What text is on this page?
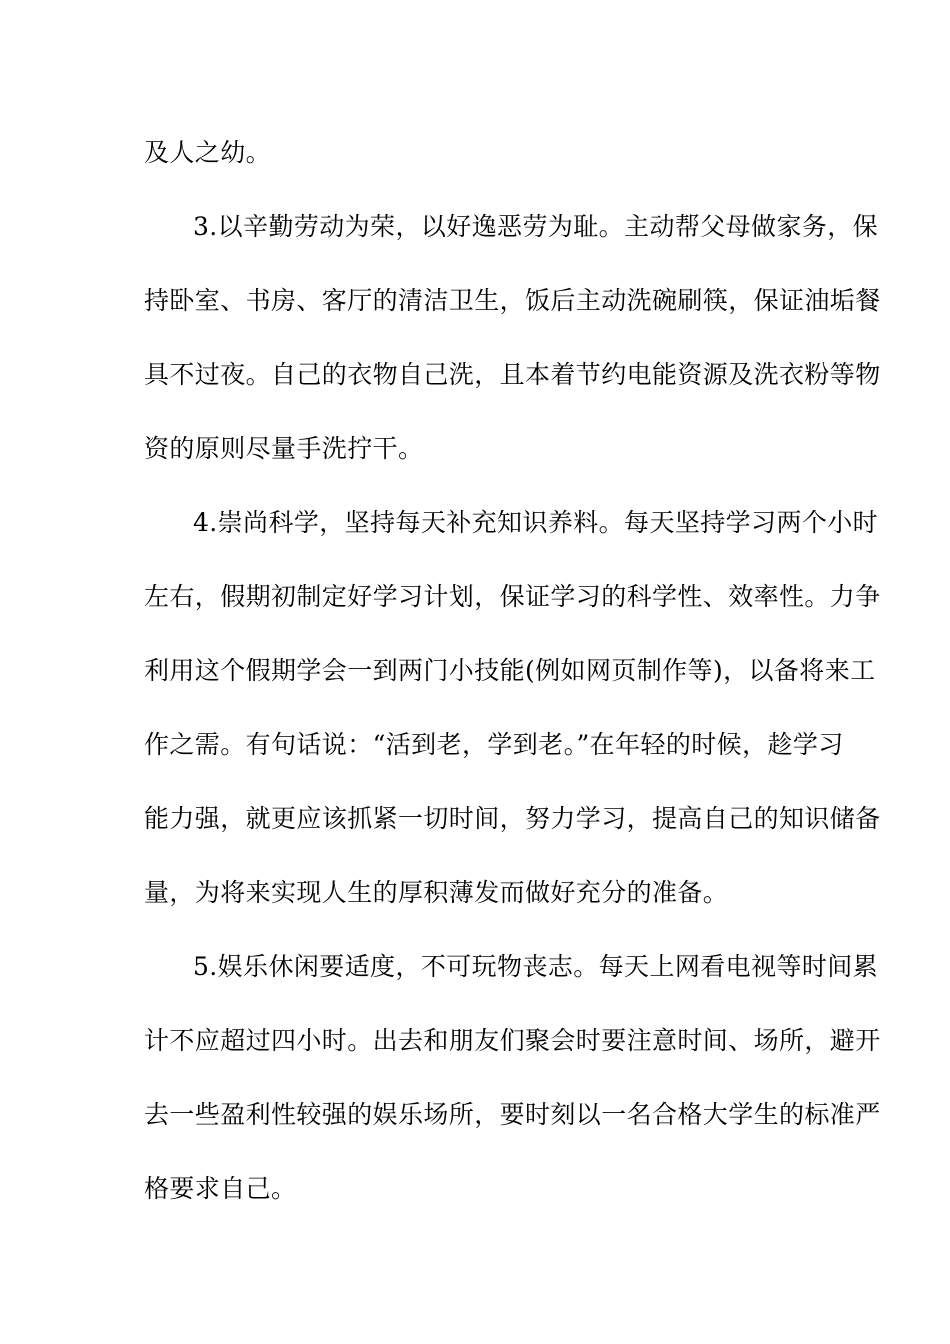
及人之幼。
3.以辛勤劳动为荣，以好逸恶劳为耻。主动帮父母做家务，保
持卧室、书房、客厅的清洁卫生，饭后主动洗碗刷筷，保证油垢餐
具不过夜。自己的衣物自己洗，且本着节约电能资源及洗衣粉等物
资的原则尽量手洗拧干。
4.崇尚科学，坚持每天补充知识养料。每天坚持学习两个小时
左右，假期初制定好学习计划，保证学习的科学性、效率性。力争
利用这个假期学会一到两门小技能(例如网页制作等)，以备将来工
作之需。有句话说：“活到老，学到老。”在年轻的时候，趁学习
能力强，就更应该抓紧一切时间，努力学习，提高自己的知识储备
量，为将来实现人生的厚积薄发而做好充分的准备。
5.娱乐休闲要适度，不可玩物丧志。每天上网看电视等时间累
计不应超过四小时。出去和朋友们聚会时要注意时间、场所，避开
去一些盈利性较强的娱乐场所，要时刻以一名合格大学生的标准严
格要求自己。
